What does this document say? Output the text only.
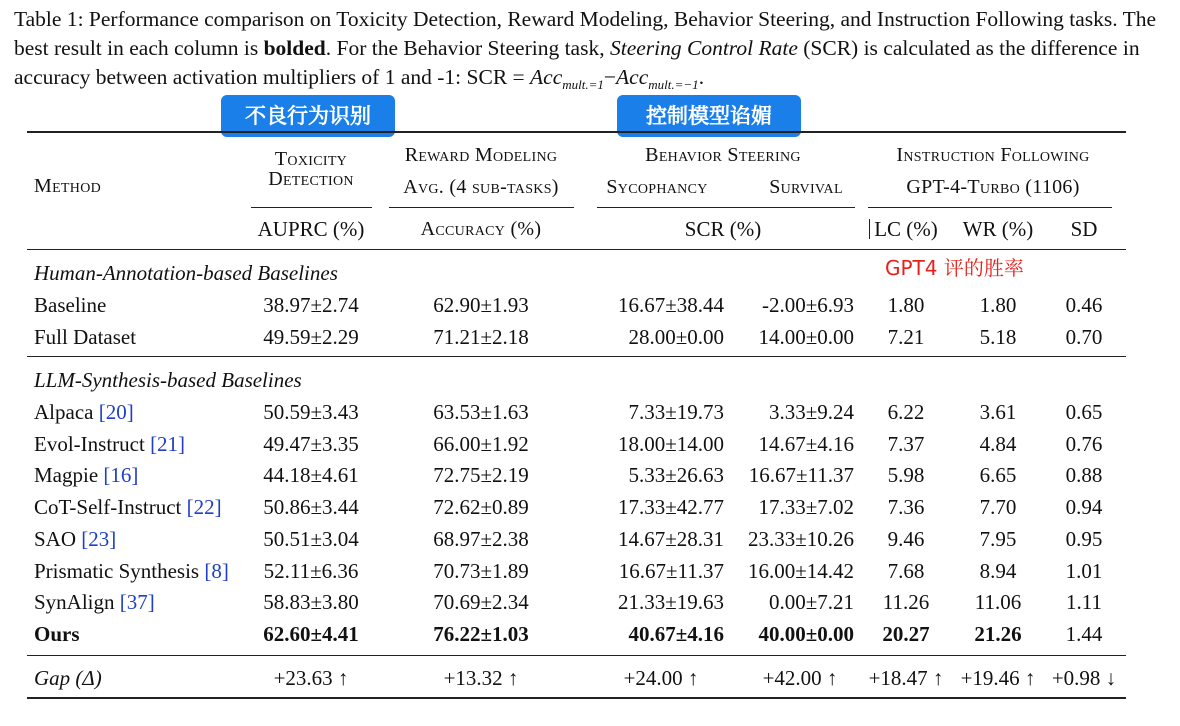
Table 1: Performance comparison on Toxicity Detection, Reward Modeling, Behavior Steering, and Instruction Following tasks. The best result in each column is bolded. For the Behavior Steering task, Steering Control Rate (SCR) is calculated as the difference in accuracy between activation multipliers of 1 and -1: SCR = Acc$_{mult.=1}$−Acc$_{mult.=-1}$.
不良行为识别	控制模型谄媚
Method
Toxicity
Detection
Reward Modeling
Avg. (4 sub-tasks)
Behavior Steering
Sycophancy	Survival
Instruction Following
GPT-4-Turbo (1106)
AUPRC (%)	Accuracy (%)	SCR (%)	LC (%) WR (%) SD
Human-Annotation-based Baselines	GPT4 评的胜率
LLM-Synthesis-based Baselines
Baseline	38.97±2.74	62.90±1.93	16.67±38.44 -2.00±6.93 1.80	1.80 0.46
Full Dataset	49.59±2.29	71.21±2.18	28.00±0.00 14.00±0.00 7.21	5.18 0.70
Alpaca [20]	50.59±3.43	63.53±1.63	7.33±19.73 3.33±9.24 6.22	3.61 0.65
Evol-Instruct [21]	49.47±3.35	66.00±1.92	18.00±14.00 14.67±4.16 7.37	4.84 0.76
Magpie [16]	44.18±4.61	72.75±2.19	5.33±26.63 16.67±11.37 5.98	6.65 0.88
CoT-Self-Instruct [22] 50.86±3.44	72.62±0.89	17.33±42.77 17.33±7.02 7.36	7.70 0.94
SAO [23]	50.51±3.04	68.97±2.38	14.67±28.31 23.33±10.26 9.46	7.95 0.95
Prismatic Synthesis [8] 52.11±6.36	70.73±1.89	16.67±11.37 16.00±14.42 7.68	8.94 1.01
SynAlign [37]	58.83±3.80	70.69±2.34	21.33±19.63 0.00±7.21 11.26 11.06 1.11
Ours	62.60±4.41	76.22±1.03	40.67±4.16 40.00±0.00 20.27 21.26 1.44
Gap (Δ)	+23.63 ↑	+13.32 ↑	+24.00 ↑	+42.00 ↑ +18.47 ↑ +19.46 ↑ +0.98 ↓
